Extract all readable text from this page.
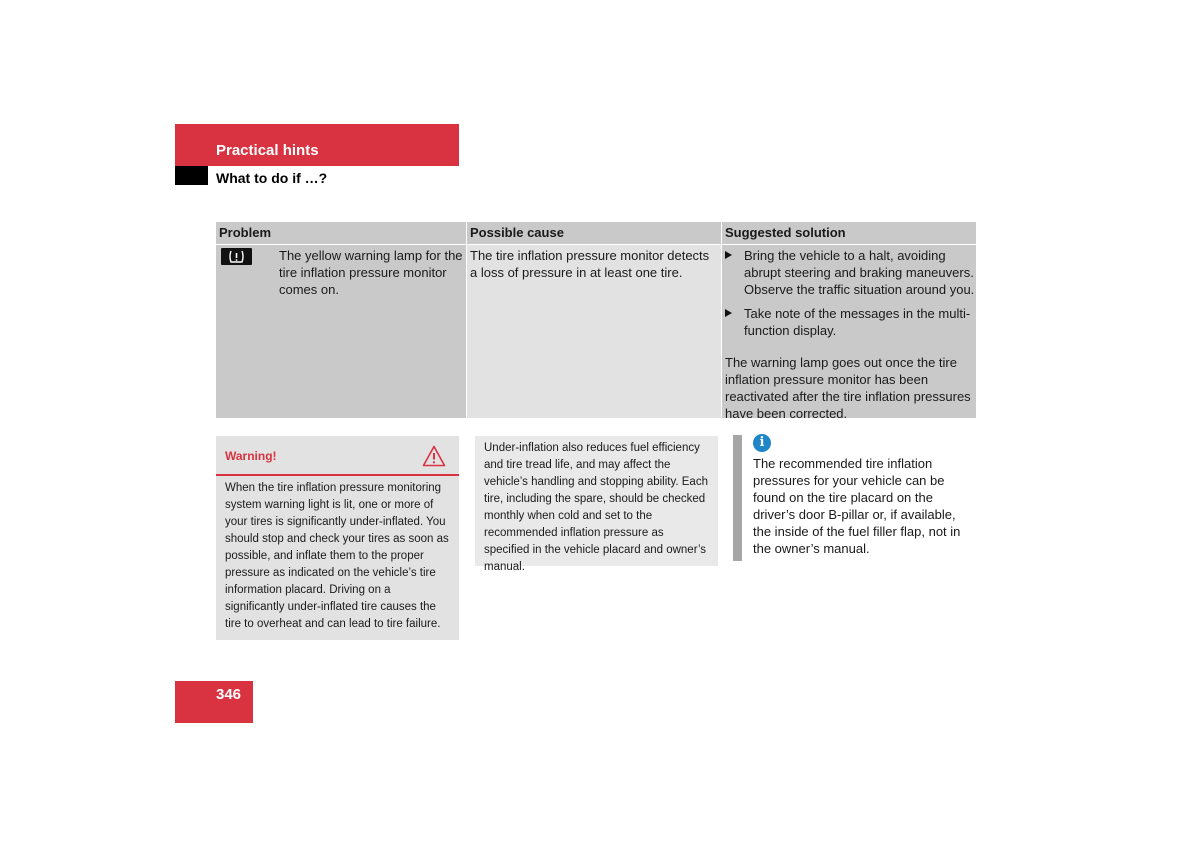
Practical hints
What to do if …?
Problem	Possible cause	Suggested solution
The yellow warning lamp for the tire inflation pressure monitor comes on.
The tire inflation pressure monitor detects a loss of pressure in at least one tire.
Bring the vehicle to a halt, avoiding abrupt steering and braking maneuvers. Observe the traffic situation around you.
Take note of the messages in the multi-function display.
The warning lamp goes out once the tire inflation pressure monitor has been reactivated after the tire inflation pressures have been corrected.
Warning!
When the tire inflation pressure monitoring system warning light is lit, one or more of your tires is significantly under-inflated. You should stop and check your tires as soon as possible, and inflate them to the proper pressure as indicated on the vehicle’s tire information placard. Driving on a significantly under-inflated tire causes the tire to overheat and can lead to tire failure.
Under-inflation also reduces fuel efficiency and tire tread life, and may affect the vehicle’s handling and stopping ability. Each tire, including the spare, should be checked monthly when cold and set to the recommended inflation pressure as specified in the vehicle placard and owner’s manual.
i
The recommended tire inflation pressures for your vehicle can be found on the tire placard on the driver’s door B-pillar or, if available, the inside of the fuel filler flap, not in the owner’s manual.
346
